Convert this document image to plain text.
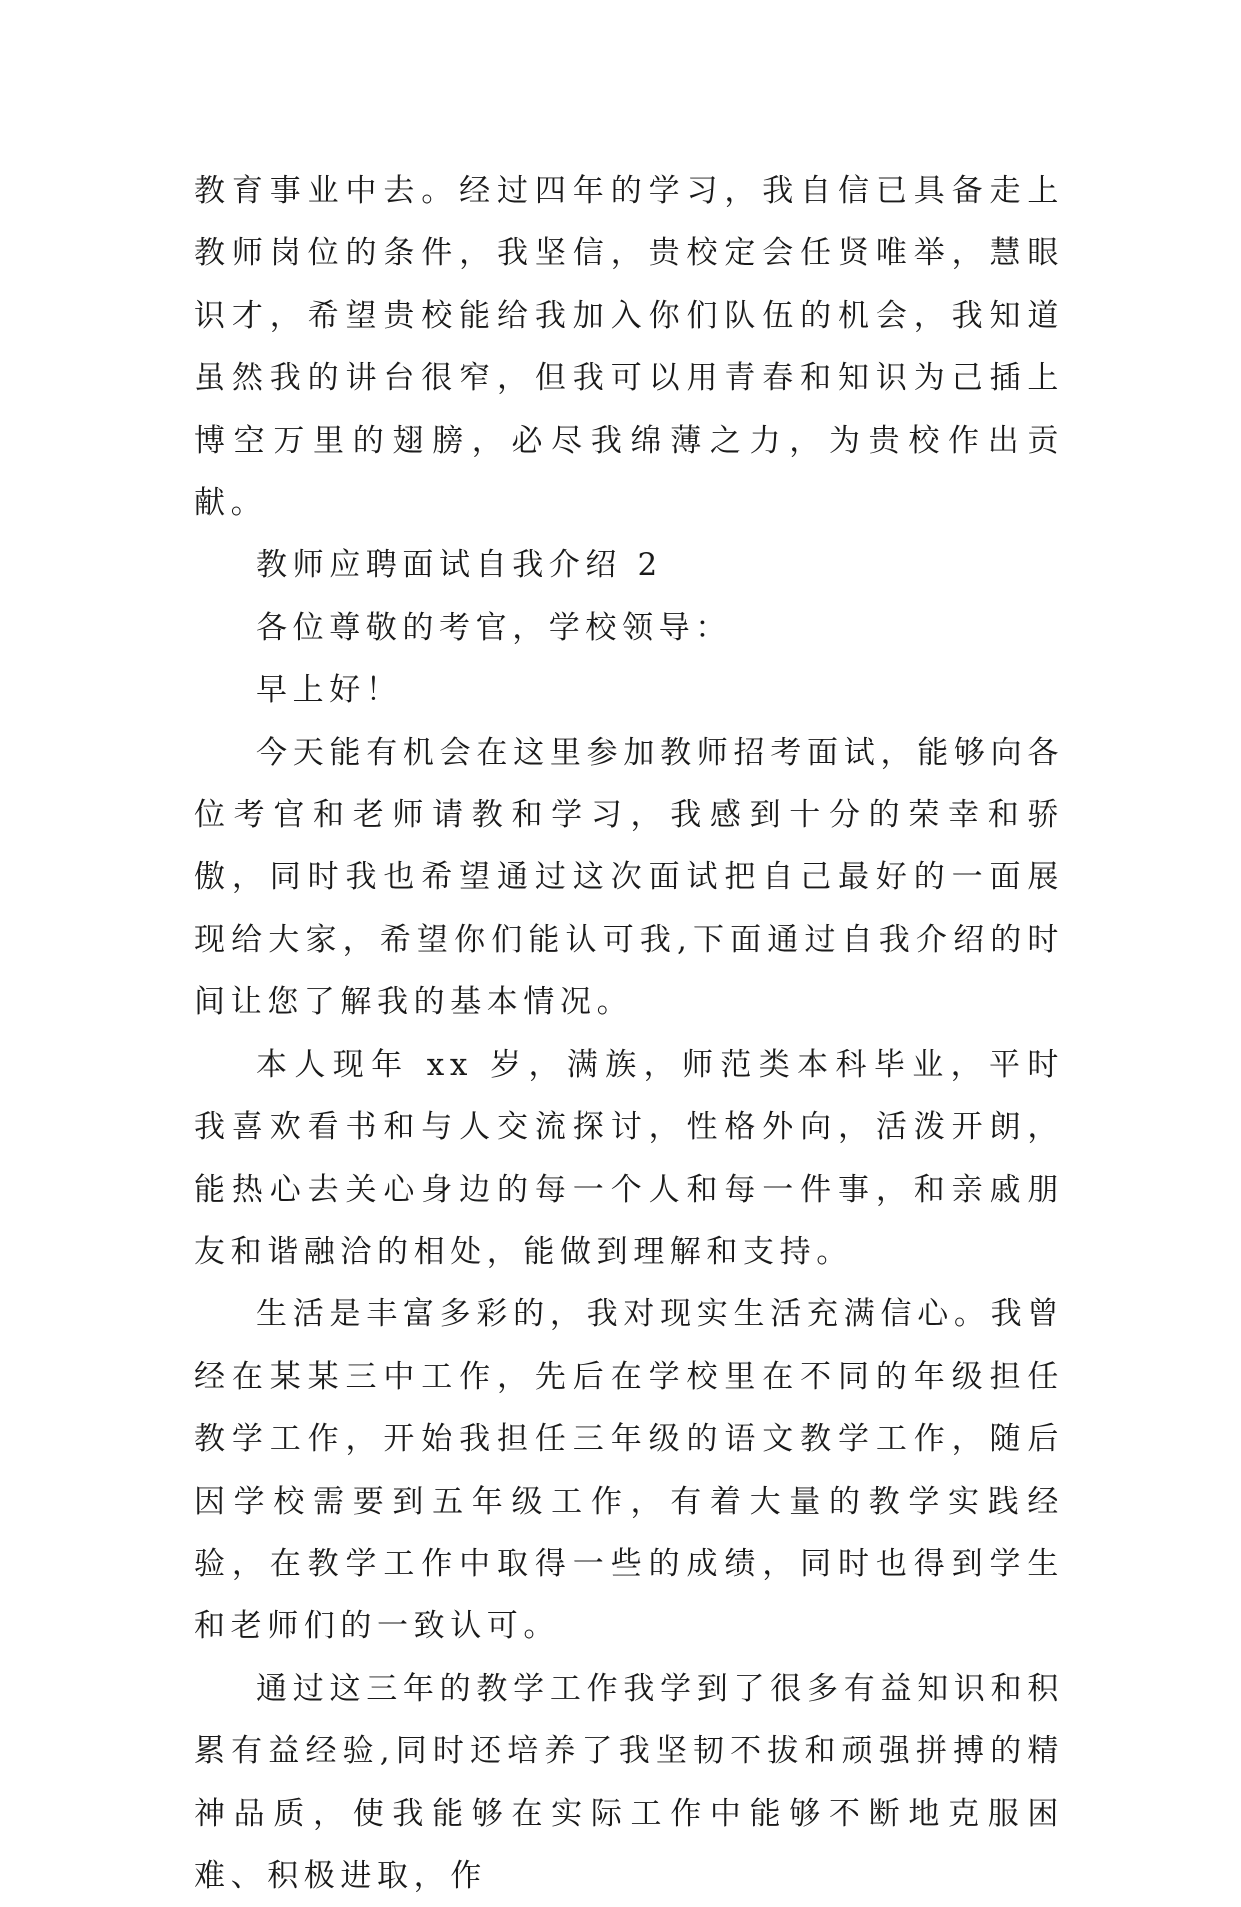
教育事业中去。经过四年的学习，我自信已具备走上教师岗位的条件，我坚信，贵校定会任贤唯举，慧眼识才，希望贵校能给我加入你们队伍的机会，我知道虽然我的讲台很窄，但我可以用青春和知识为己插上博空万里的翅膀，必尽我绵薄之力，为贵校作出贡献。

教师应聘面试自我介绍 2

各位尊敬的考官，学校领导：

早上好！

今天能有机会在这里参加教师招考面试，能够向各位考官和老师请教和学习，我感到十分的荣幸和骄傲，同时我也希望通过这次面试把自己最好的一面展现给大家，希望你们能认可我,下面通过自我介绍的时间让您了解我的基本情况。

本人现年 xx 岁，满族，师范类本科毕业，平时我喜欢看书和与人交流探讨，性格外向，活泼开朗，能热心去关心身边的每一个人和每一件事，和亲戚朋友和谐融洽的相处，能做到理解和支持。

生活是丰富多彩的，我对现实生活充满信心。我曾经在某某三中工作，先后在学校里在不同的年级担任教学工作，开始我担任三年级的语文教学工作，随后因学校需要到五年级工作，有着大量的教学实践经验，在教学工作中取得一些的成绩，同时也得到学生和老师们的一致认可。

通过这三年的教学工作我学到了很多有益知识和积累有益经验,同时还培养了我坚韧不拔和顽强拼搏的精神品质，使我能够在实际工作中能够不断地克服困难、积极进取，作
